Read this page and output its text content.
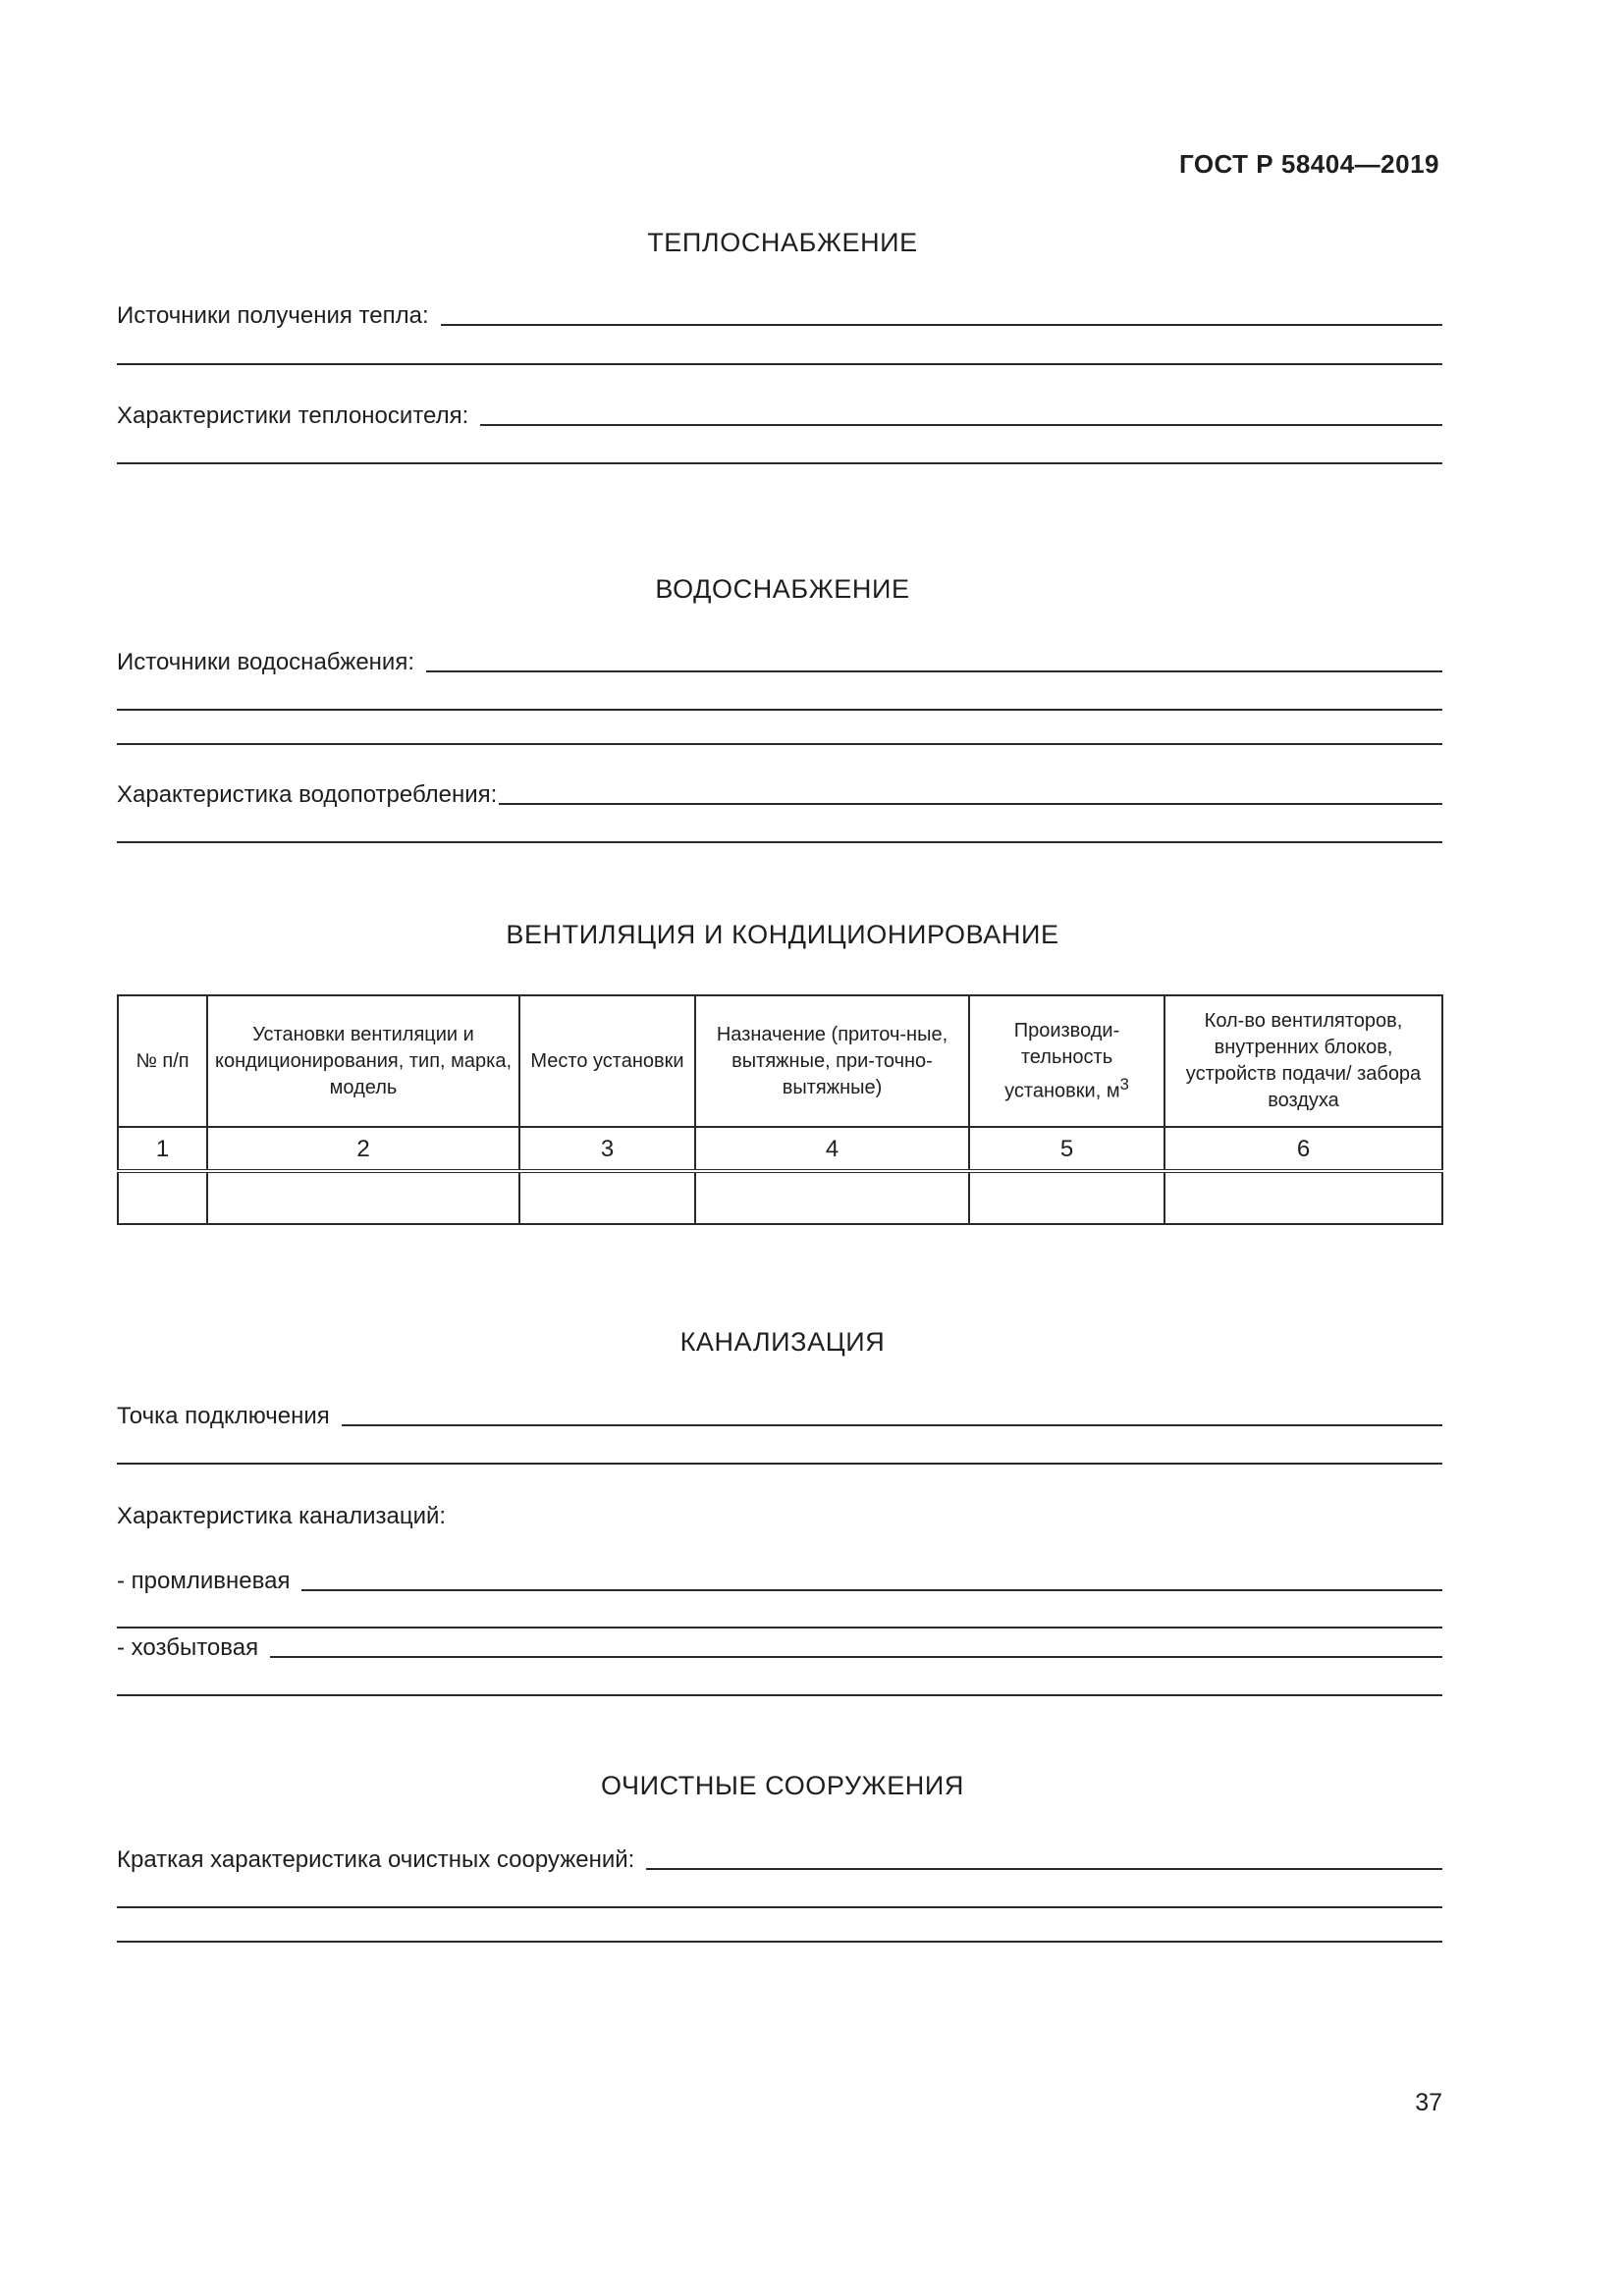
ГОСТ Р 58404—2019
ТЕПЛОСНАБЖЕНИЕ
Источники получения тепла:
Характеристики теплоносителя:
ВОДОСНАБЖЕНИЕ
Источники водоснабжения:
Характеристика водопотребления:
ВЕНТИЛЯЦИЯ И КОНДИЦИОНИРОВАНИЕ
№ п/п	Установки вентиляции и кондиционирования, тип, марка, модель	Место установки	Назначение (приточ-ные, вытяжные, при-точно-вытяжные)	Производи-тельность установки, $м^3$	Кол-во вентиляторов, внутренних блоков, устройств подачи/ забора воздуха
1	2	3	4	5	6

КАНАЛИЗАЦИЯ
Точка подключения
Характеристика канализаций:
- промливневая
- хозбытовая
ОЧИСТНЫЕ СООРУЖЕНИЯ
Краткая характеристика очистных сооружений:
37
